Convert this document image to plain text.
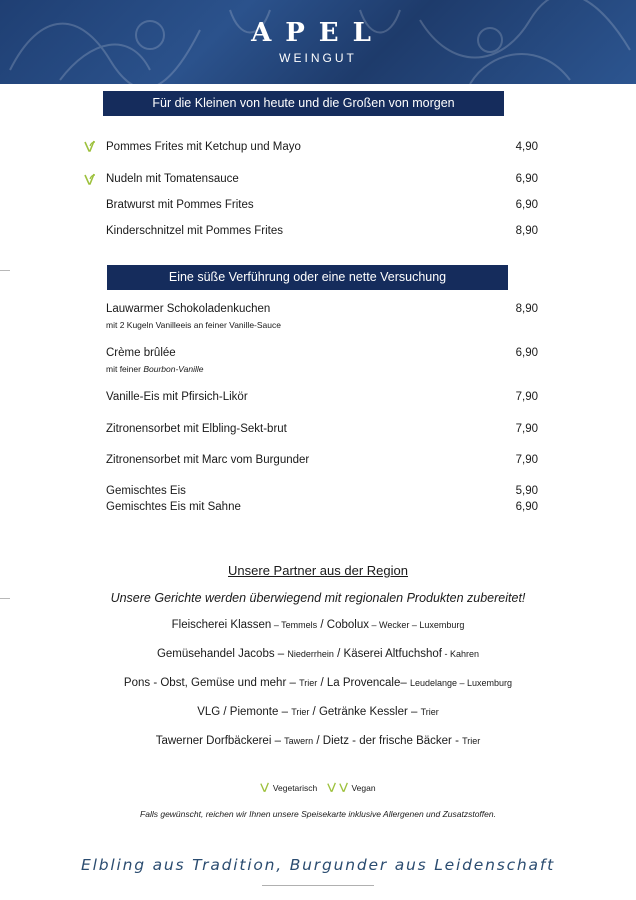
APEL
WEINGUT
Für die Kleinen von heute und die Großen von morgen
Pommes Frites mit Ketchup und Mayo	4,90
Nudeln mit Tomatensauce	6,90
Bratwurst mit Pommes Frites	6,90
Kinderschnitzel mit Pommes Frites	8,90
Eine süße Verführung oder eine nette Versuchung
Lauwarmer Schokoladenkuchen	8,90
mit 2 Kugeln Vanilleeis an feiner Vanille-Sauce
Crème brûlée	6,90
mit feiner Bourbon-Vanille
Vanille-Eis mit Pfirsich-Likör	7,90
Zitronensorbet mit Elbling-Sekt-brut	7,90
Zitronensorbet mit Marc vom Burgunder	7,90
Gemischtes Eis	5,90
Gemischtes Eis mit Sahne	6,90
Unsere Partner aus der Region
Unsere Gerichte werden überwiegend mit regionalen Produkten zubereitet!
Fleischerei Klassen – Temmels / Cobolux – Wecker – Luxemburg
Gemüsehandel Jacobs – Niederrhein / Käserei Altfuchshof - Kahren
Pons - Obst, Gemüse und mehr – Trier / La Provencale– Leudelange – Luxemburg
VLG / Piemonte – Trier / Getränke Kessler – Trier
Tawerner Dorfbäckerei – Tawern / Dietz - der frische Bäcker - Trier
Vegetarisch	Vegan
Falls gewünscht, reichen wir Ihnen unsere Speisekarte inklusive Allergenen und Zusatzstoffen.
Elbling aus Tradition, Burgunder aus Leidenschaft
